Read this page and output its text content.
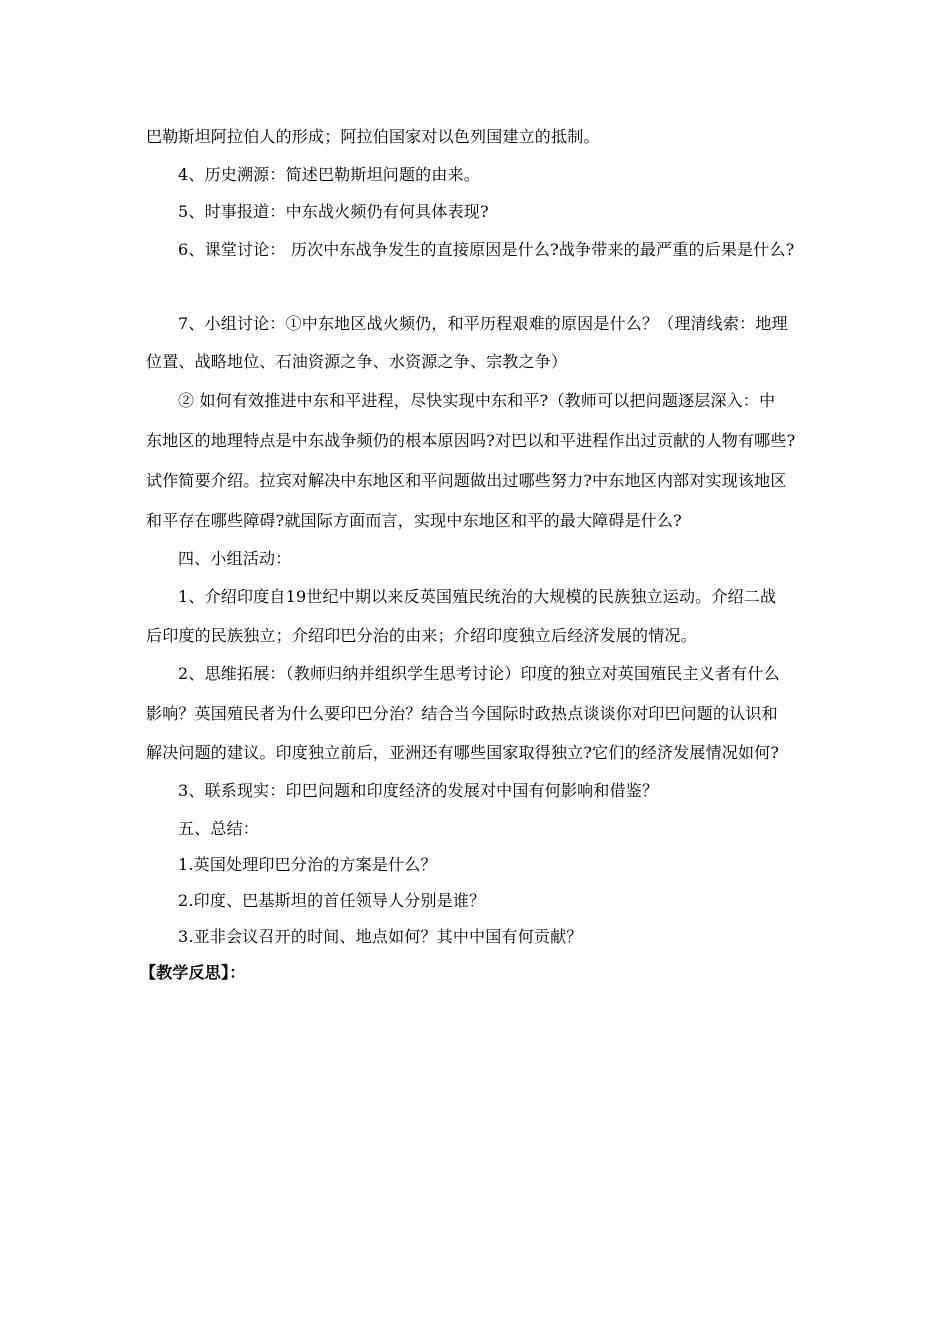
巴勒斯坦阿拉伯人的形成；阿拉伯国家对以色列国建立的抵制。
4、历史溯源：简述巴勒斯坦问题的由来。
5、时事报道：中东战火频仍有何具体表现?
6、课堂讨论： 历次中东战争发生的直接原因是什么?战争带来的最严重的后果是什么?
7、小组讨论：①中东地区战火频仍，和平历程艰难的原因是什么？（理清线索：地理
位置、战略地位、石油资源之争、水资源之争、宗教之争）
② 如何有效推进中东和平进程，尽快实现中东和平?（教师可以把问题逐层深入：中
东地区的地理特点是中东战争频仍的根本原因吗?对巴以和平进程作出过贡献的人物有哪些?
试作简要介绍。拉宾对解决中东地区和平问题做出过哪些努力?中东地区内部对实现该地区
和平存在哪些障碍?就国际方面而言，实现中东地区和平的最大障碍是什么?
四、小组活动：
1、介绍印度自19世纪中期以来反英国殖民统治的大规模的民族独立运动。介绍二战
后印度的民族独立；介绍印巴分治的由来；介绍印度独立后经济发展的情况。
2、思维拓展：（教师归纳并组织学生思考讨论）印度的独立对英国殖民主义者有什么
影响？英国殖民者为什么要印巴分治？结合当今国际时政热点谈谈你对印巴问题的认识和
解决问题的建议。印度独立前后，亚洲还有哪些国家取得独立?它们的经济发展情况如何?
3、联系现实：印巴问题和印度经济的发展对中国有何影响和借鉴？
五、总结：
1.英国处理印巴分治的方案是什么？
2.印度、巴基斯坦的首任领导人分别是谁？
3.亚非会议召开的时间、地点如何？其中中国有何贡献？
【教学反思】：
